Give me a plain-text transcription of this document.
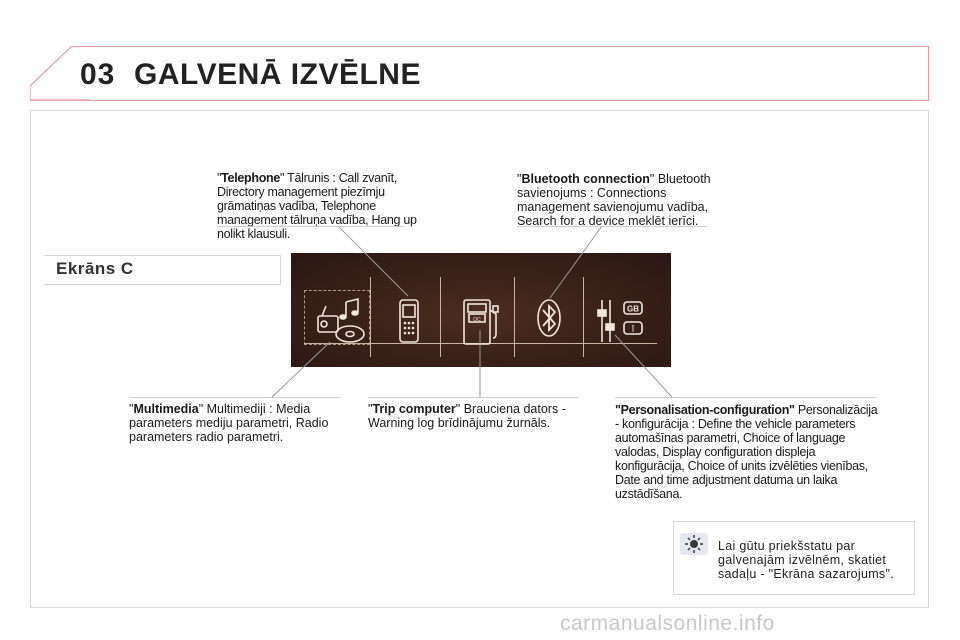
03 GALVENĀ IZVĒLNE
Ekrāns C
OC
GB
I
"Telephone" Tālrunis : Call zvanīt, Directory management piezīmju grāmatiņas vadība, Telephone management tālruņa vadība, Hang up nolikt klausuli.
"Bluetooth connection" Bluetooth savienojums : Connections management savienojumu vadība, Search for a device meklēt ierīci.
"Multimedia" Multimediji : Media parameters mediju parametri, Radio parameters radio parametri.
"Trip computer" Brauciena dators - Warning log brīdinājumu žurnāls.
"Personalisation-configuration" Personalizācija - konfigurācija : Define the vehicle parameters automašīnas parametri, Choice of language valodas, Display configuration displeja konfigurācija, Choice of units izvēlēties vienības, Date and time adjustment datuma un laika uzstādīšana.
Lai gūtu priekšstatu par galvenajām izvēlnēm, skatiet sadaļu - "Ekrāna sazarojums".
carmanualsonline.info
